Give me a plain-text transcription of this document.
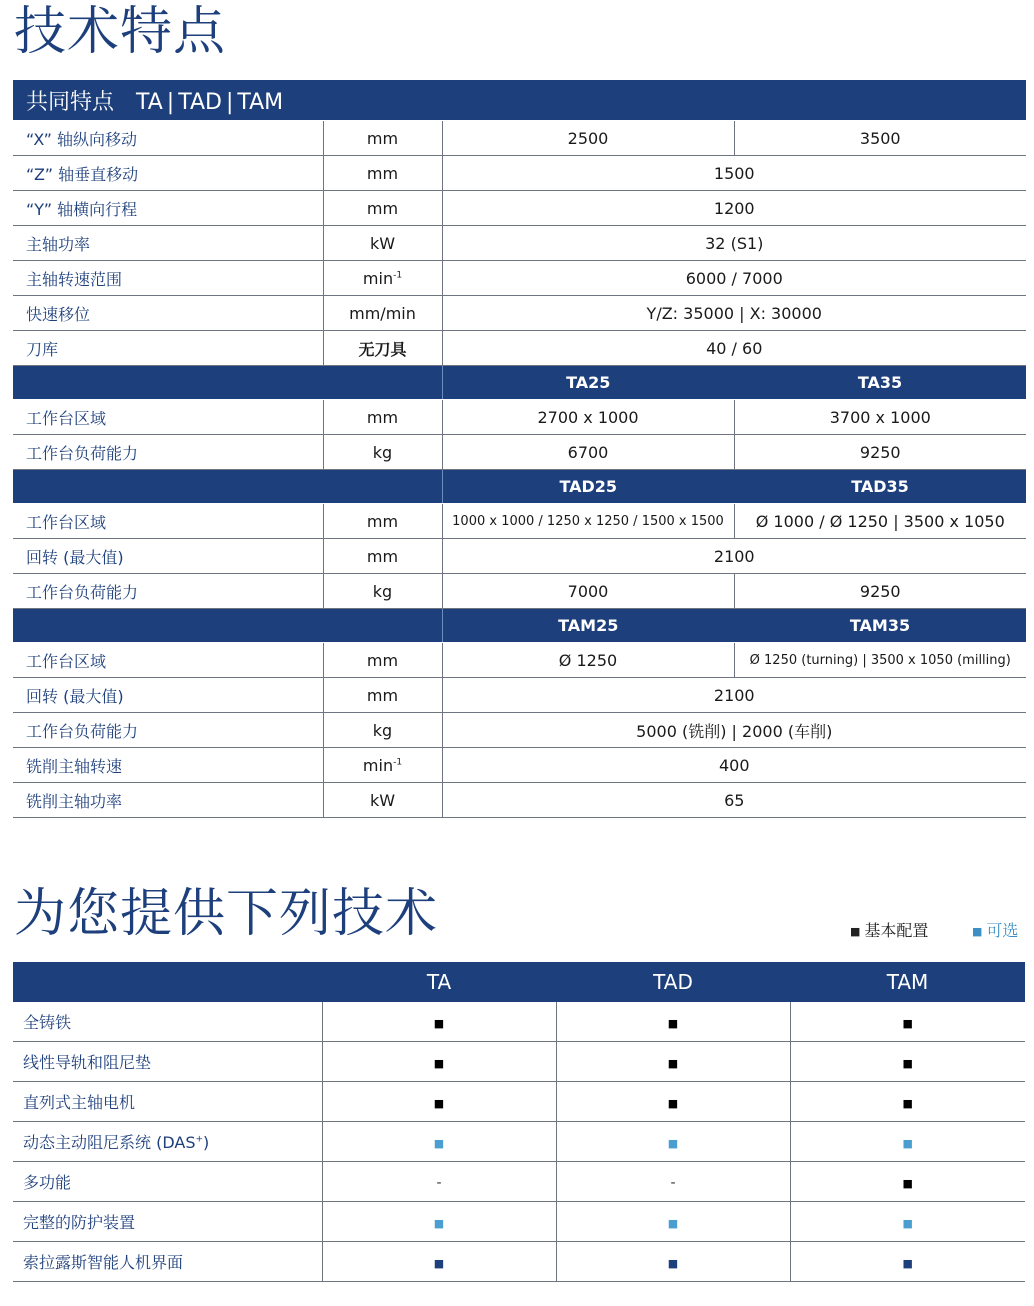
技术特点
共同特点 TA | TAD | TAM			
“X” 轴纵向移动	mm	2500	3500
“Z” 轴垂直移动	mm	1500	
“Y” 轴横向行程	mm	1200	
主轴功率	kW	32 (S1)	
主轴转速范围	$\min^{-1}$	6000 / 7000	
快速移位	mm/min	Y/Z: 35000 | X: 30000	
刀库	无刀具	40 / 60	
		TA25	TA35
工作台区域	mm	2700 x 1000	3700 x 1000
工作台负荷能力	kg	6700	9250
		TAD25	TAD35
工作台区域	mm	1000 x 1000 / 1250 x 1250 / 1500 x 1500	Ø 1000 / Ø 1250 | 3500 x 1050
回转 (最大值)	mm	2100	
工作台负荷能力	kg	7000	9250
		TAM25	TAM35
工作台区域	mm	Ø 1250	Ø 1250 (turning) | 3500 x 1050 (milling)
回转 (最大值)	mm	2100	
工作台负荷能力	kg	5000 (铣削) | 2000 (车削)	
铣削主轴转速	$\min^{-1}$	400	
铣削主轴功率	kW	65	
为您提供下列技术	■ 基本配置	■ 可选
	TA	TAD	TAM
全铸铁	■	■	■
线性导轨和阻尼垫	■	■	■
直列式主轴电机	■	■	■
动态主动阻尼系统 (DAS+)	■	■	■
多功能	-	-	■
完整的防护装置	■	■	■
索拉露斯智能人机界面	■	■	■
